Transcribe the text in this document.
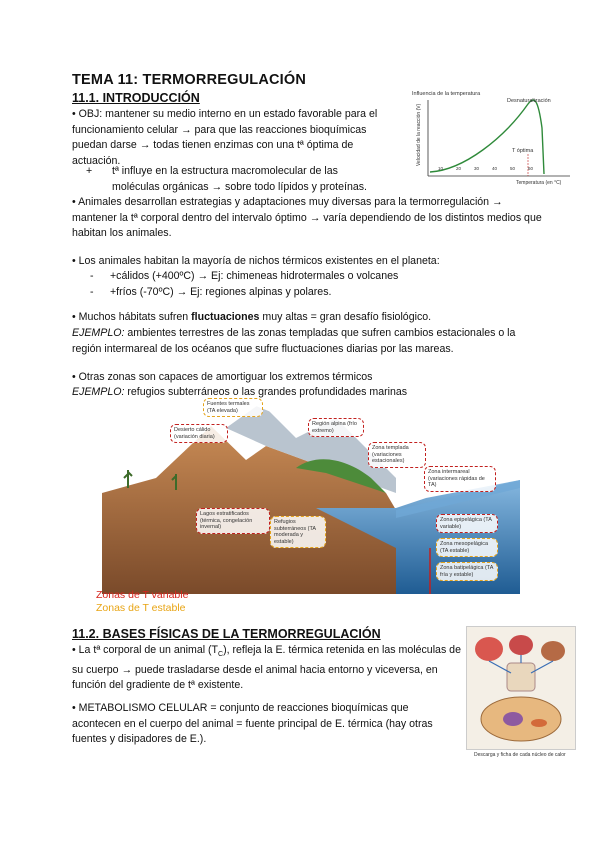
TEMA 11: TERMORREGULACIÓN
11.1. INTRODUCCIÓN
• OBJ: mantener su medio interno en un estado favorable para el funcionamiento celular → para que las reacciones bioquímicas puedan darse → todas tienen enzimas con una tª óptima de actuación.
+	tª influye en la estructura macromolecular de las moléculas orgánicas → sobre todo lípidos y proteínas.
Influencia de la temperatura
Velocidad de la reacción (V)
Desnaturalización
T óptima
10	20	30	40	50	60
Temperatura (en °C)
• Animales desarrollan estrategias y adaptaciones muy diversas para la termorregulación → mantener la tª corporal dentro del intervalo óptimo → varía dependiendo de los distintos medios que habitan los animales.
• Los animales habitan la mayoría de nichos térmicos existentes en el planeta:
-	+cálidos (+400ºC) → Ej: chimeneas hidrotermales o volcanes
-	+fríos (-70ºC) → Ej: regiones alpinas y polares.
• Muchos hábitats sufren fluctuaciones muy altas = gran desafío fisiológico.
EJEMPLO: ambientes terrestres de las zonas templadas que sufren cambios estacionales o la región intermareal de los océanos que sufre fluctuaciones diarias por las mareas.
• Otras zonas son capaces de amortiguar los extremos térmicos
EJEMPLO: refugios subterráneos o las grandes profundidades marinas
Desierto cálido (variación diaria)
Fuentes termales (TA elevada)
Región alpina (frío extremo)
Zona templada (variaciones estacionales)
Zona intermareal (variaciones rápidas de TA)
Lagos estratificados (térmica, congelación invernal)
Refugios subterráneos (TA moderada y estable)
Zona epipelágica (TA variable)
Zona mesopelágica (TA estable)
Zona batipelágica (TA fría y estable)
Zonas de T variable
Zonas de T estable
11.2. BASES FÍSICAS DE LA TERMORREGULACIÓN
• La tª corporal de un animal $(T_C)$, refleja la E. térmica retenida en las moléculas de su cuerpo → puede trasladarse desde el animal hacia entorno y viceversa, en función del gradiente de tª existente.
• METABOLISMO CELULAR = conjunto de reacciones bioquímicas que acontecen en el cuerpo del animal = fuente principal de E. térmica (hay otras fuentes y disipadores de E.).
Descarga y ficha de cada núcleo de calor
